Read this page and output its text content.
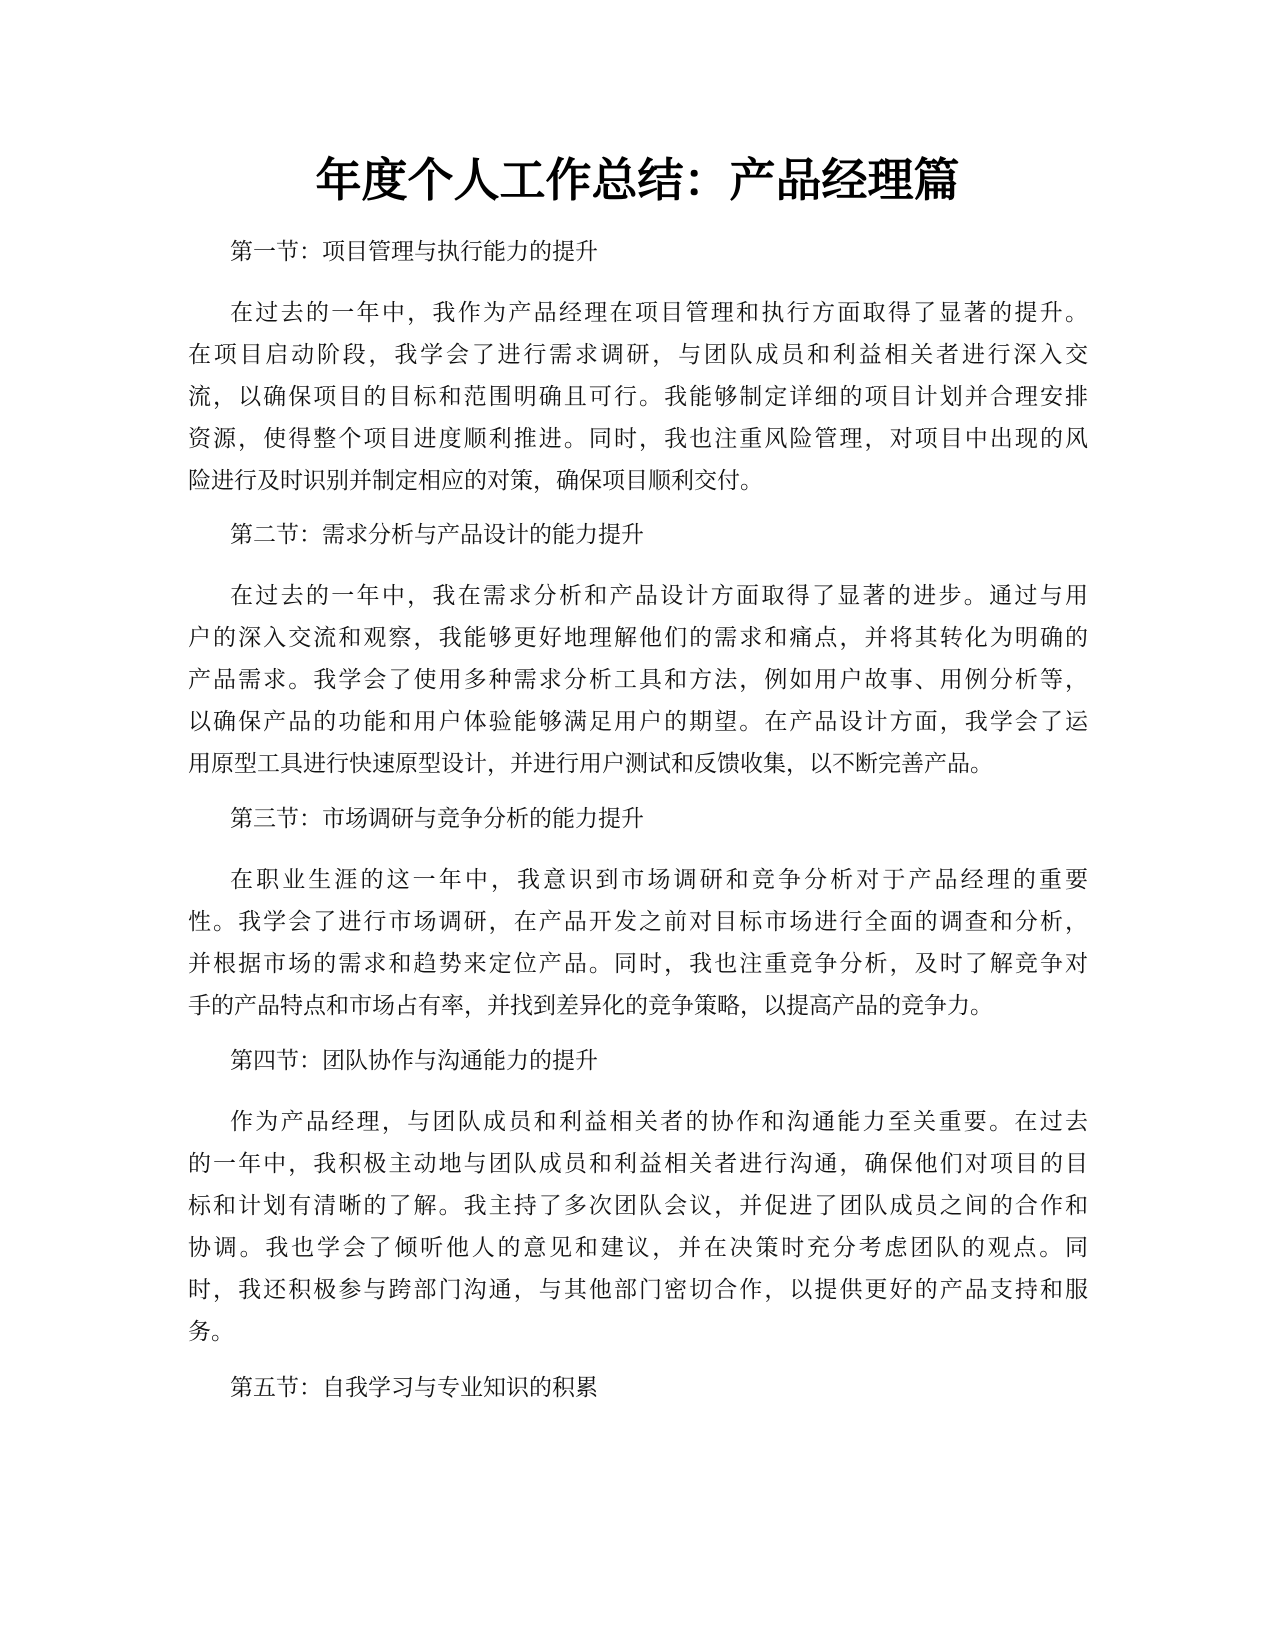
年度个人工作总结：产品经理篇

第一节：项目管理与执行能力的提升

在过去的一年中，我作为产品经理在项目管理和执行方面取得了显著的提升。
在项目启动阶段，我学会了进行需求调研，与团队成员和利益相关者进行深入交
流，以确保项目的目标和范围明确且可行。我能够制定详细的项目计划并合理安排
资源，使得整个项目进度顺利推进。同时，我也注重风险管理，对项目中出现的风
险进行及时识别并制定相应的对策，确保项目顺利交付。

第二节：需求分析与产品设计的能力提升

在过去的一年中，我在需求分析和产品设计方面取得了显著的进步。通过与用
户的深入交流和观察，我能够更好地理解他们的需求和痛点，并将其转化为明确的
产品需求。我学会了使用多种需求分析工具和方法，例如用户故事、用例分析等，
以确保产品的功能和用户体验能够满足用户的期望。在产品设计方面，我学会了运
用原型工具进行快速原型设计，并进行用户测试和反馈收集，以不断完善产品。

第三节：市场调研与竞争分析的能力提升

在职业生涯的这一年中，我意识到市场调研和竞争分析对于产品经理的重要
性。我学会了进行市场调研，在产品开发之前对目标市场进行全面的调查和分析，
并根据市场的需求和趋势来定位产品。同时，我也注重竞争分析，及时了解竞争对
手的产品特点和市场占有率，并找到差异化的竞争策略，以提高产品的竞争力。

第四节：团队协作与沟通能力的提升

作为产品经理，与团队成员和利益相关者的协作和沟通能力至关重要。在过去
的一年中，我积极主动地与团队成员和利益相关者进行沟通，确保他们对项目的目
标和计划有清晰的了解。我主持了多次团队会议，并促进了团队成员之间的合作和
协调。我也学会了倾听他人的意见和建议，并在决策时充分考虑团队的观点。同
时，我还积极参与跨部门沟通，与其他部门密切合作，以提供更好的产品支持和服
务。

第五节：自我学习与专业知识的积累
